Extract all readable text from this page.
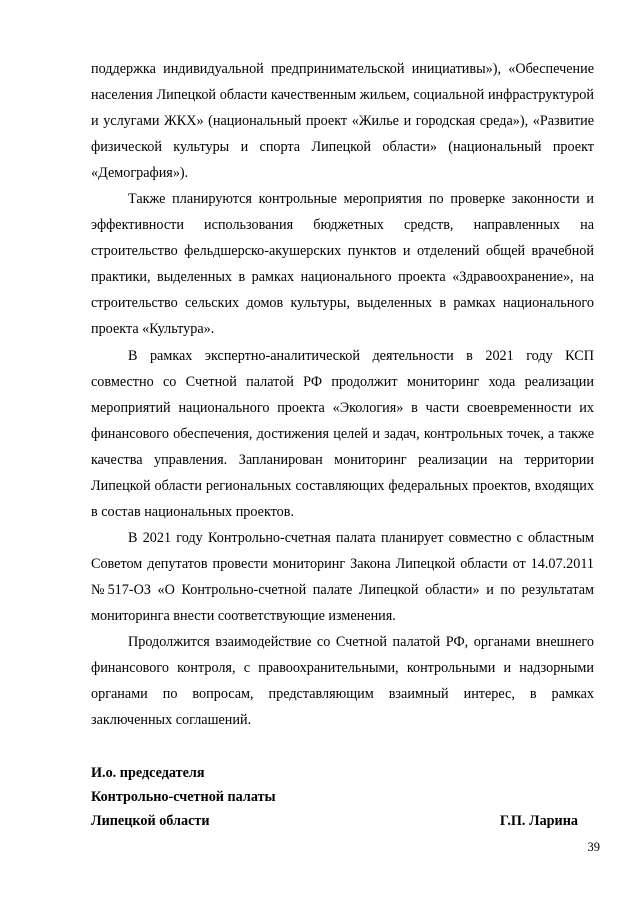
поддержка индивидуальной предпринимательской инициативы»), «Обеспечение населения Липецкой области качественным жильем, социальной инфраструктурой и услугами ЖКХ» (национальный проект «Жилье и городская среда»), «Развитие физической культуры и спорта Липецкой области» (национальный проект «Демография»).

Также планируются контрольные мероприятия по проверке законности и эффективности использования бюджетных средств, направленных на строительство фельдшерско-акушерских пунктов и отделений общей врачебной практики, выделенных в рамках национального проекта «Здравоохранение», на строительство сельских домов культуры, выделенных в рамках национального проекта «Культура».

В рамках экспертно-аналитической деятельности в 2021 году КСП совместно со Счетной палатой РФ продолжит мониторинг хода реализации мероприятий национального проекта «Экология» в части своевременности их финансового обеспечения, достижения целей и задач, контрольных точек, а также качества управления. Запланирован мониторинг реализации на территории Липецкой области региональных составляющих федеральных проектов, входящих в состав национальных проектов.

В 2021 году Контрольно-счетная палата планирует совместно с областным Советом депутатов провести мониторинг Закона Липецкой области от 14.07.2011 №517-ОЗ «О Контрольно-счетной палате Липецкой области» и по результатам мониторинга внести соответствующие изменения.

Продолжится взаимодействие со Счетной палатой РФ, органами внешнего финансового контроля, с правоохранительными, контрольными и надзорными органами по вопросам, представляющим взаимный интерес, в рамках заключенных соглашений.

И.о. председателя
Контрольно-счетной палаты
Липецкой области	Г.П. Ларина
39
